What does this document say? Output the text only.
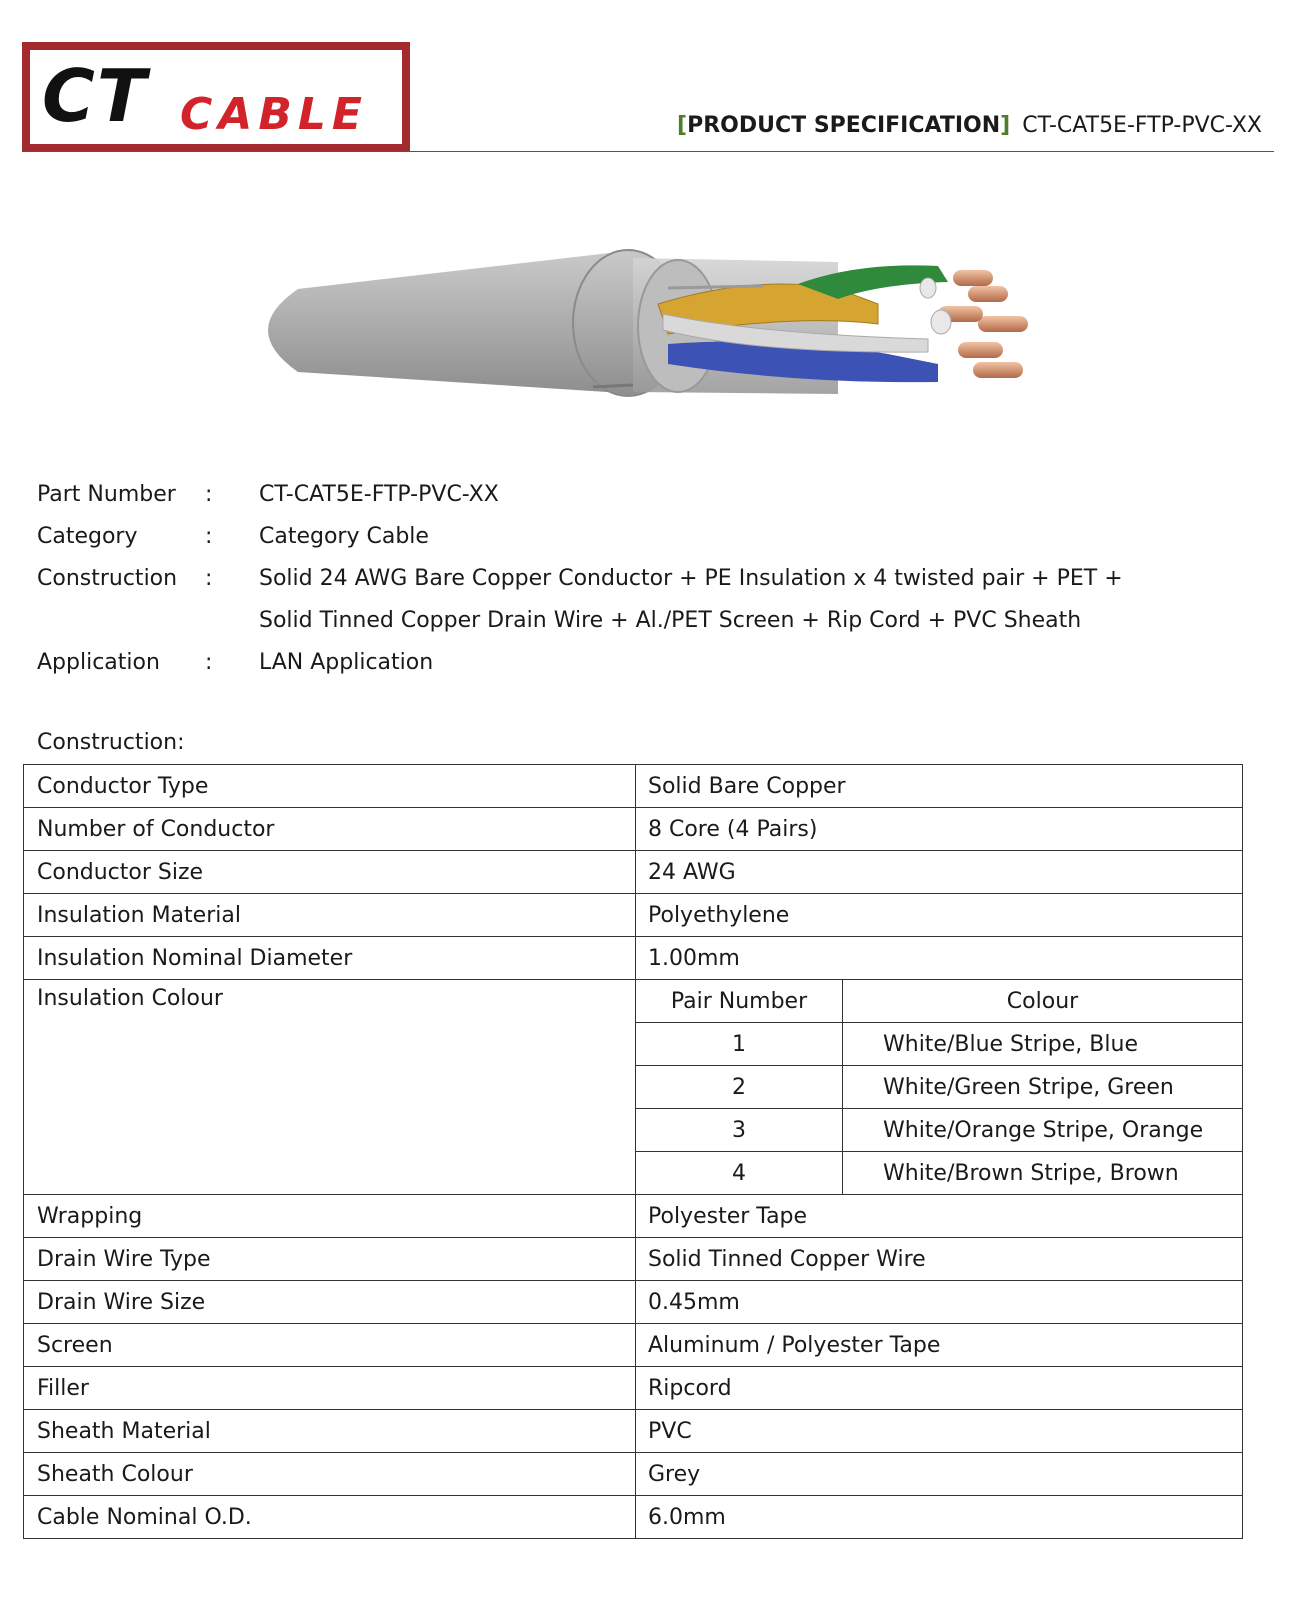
CT CABLE	[PRODUCT SPECIFICATION] CT-CAT5E-FTP-PVC-XX
Part Number	:	CT-CAT5E-FTP-PVC-XX
Category	:	Category Cable
Construction	:	Solid 24 AWG Bare Copper Conductor + PE Insulation x 4 twisted pair + PET +
Solid Tinned Copper Drain Wire + Al./PET Screen + Rip Cord + PVC Sheath
Application	:	LAN Application
Construction:
Conductor Type	Solid Bare Copper
Number of Conductor	8 Core (4 Pairs)
Conductor Size	24 AWG
Insulation Material	Polyethylene
Insulation Nominal Diameter	1.00mm
Insulation Colour		Pair Number	Colour
1	White/Blue Stripe, Blue
2	White/Green Stripe, Green
3	White/Orange Stripe, Orange
4	White/Brown Stripe, Brown

Wrapping	Polyester Tape
Drain Wire Type	Solid Tinned Copper Wire
Drain Wire Size	0.45mm
Screen	Aluminum / Polyester Tape
Filler	Ripcord
Sheath Material	PVC
Sheath Colour	Grey
Cable Nominal O.D.	6.0mm
